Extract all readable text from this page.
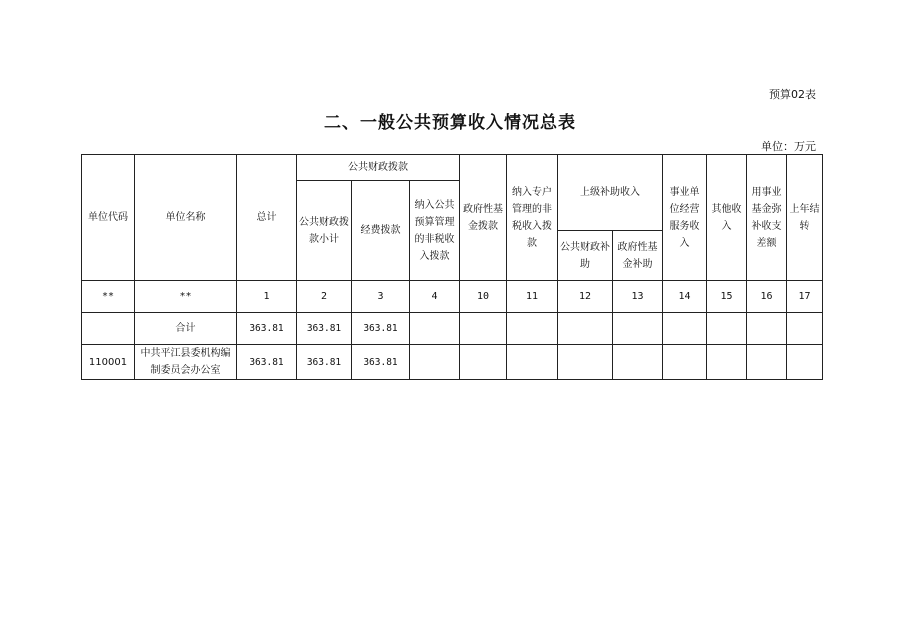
预算02表
二、一般公共预算收入情况总表
单位：万元
单位代码	单位名称	总计	公共财政拨款			政府性基金拨款	纳入专户管理的非税收入拨款	上级补助收入		事业单位经营服务收入	其他收入	用事业基金弥补收支差额	上年结转
			公共财政拨款小计	经费拨款	纳入公共预算管理的非税收入拨款								
								公共财政补助	政府性基金补助				
**	**	1	2	3	4	10	11	12	13	14	15	16	17
	合计	363.81	363.81	363.81									
110001	中共平江县委机构编制委员会办公室	363.81	363.81	363.81									
